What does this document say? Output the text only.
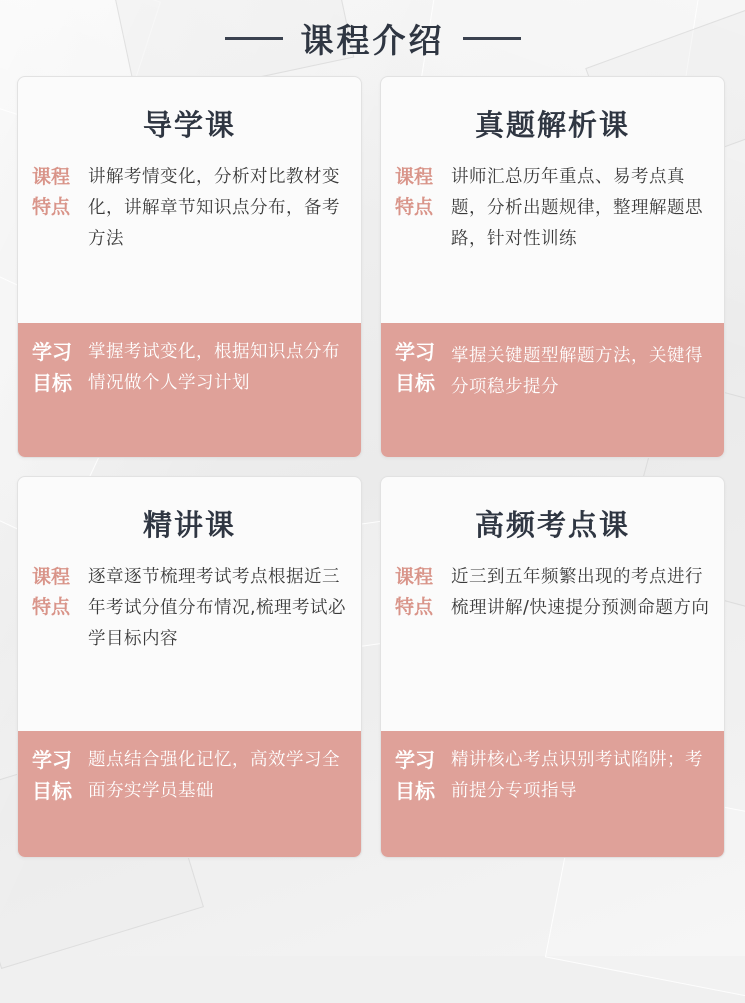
课程介绍
导学课
课程
特点
讲解考情变化，分析对比教材变化，讲解章节知识点分布，备考方法
学习
目标
掌握考试变化，根据知识点分布情况做个人学习计划
真题解析课
课程
特点
讲师汇总历年重点、易考点真题，分析出题规律，整理解题思路，针对性训练
学习
目标
掌握关键题型解题方法，关键得分项稳步提分
精讲课
课程
特点
逐章逐节梳理考试考点根据近三年考试分值分布情况,梳理考试必学目标内容
学习
目标
题点结合强化记忆，高效学习全面夯实学员基础
高频考点课
课程
特点
近三到五年频繁出现的考点进行梳理讲解/快速提分预测命题方向
学习
目标
精讲核心考点识别考试陷阱；考前提分专项指导
